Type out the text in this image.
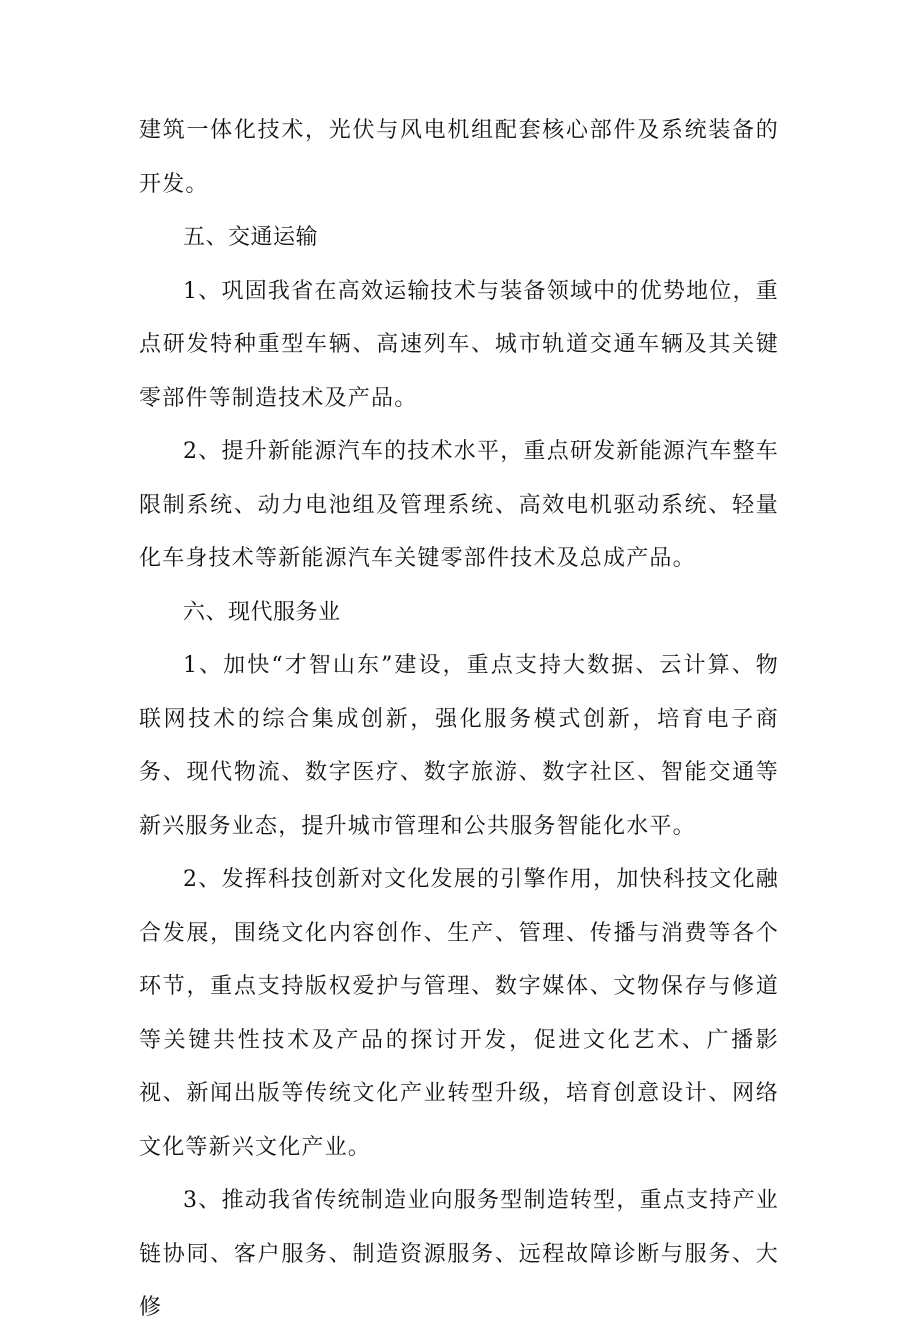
建筑一体化技术，光伏与风电机组配套核心部件及系统装备的开发。

五、交通运输

1、巩固我省在高效运输技术与装备领域中的优势地位，重点研发特种重型车辆、高速列车、城市轨道交通车辆及其关键零部件等制造技术及产品。

2、提升新能源汽车的技术水平，重点研发新能源汽车整车限制系统、动力电池组及管理系统、高效电机驱动系统、轻量化车身技术等新能源汽车关键零部件技术及总成产品。

六、现代服务业

1、加快“才智山东”建设，重点支持大数据、云计算、物联网技术的综合集成创新，强化服务模式创新，培育电子商务、现代物流、数字医疗、数字旅游、数字社区、智能交通等新兴服务业态，提升城市管理和公共服务智能化水平。

2、发挥科技创新对文化发展的引擎作用，加快科技文化融合发展，围绕文化内容创作、生产、管理、传播与消费等各个环节，重点支持版权爱护与管理、数字媒体、文物保存与修道等关键共性技术及产品的探讨开发，促进文化艺术、广播影视、新闻出版等传统文化产业转型升级，培育创意设计、网络文化等新兴文化产业。

3、推动我省传统制造业向服务型制造转型，重点支持产业链协同、客户服务、制造资源服务、远程故障诊断与服务、大修
